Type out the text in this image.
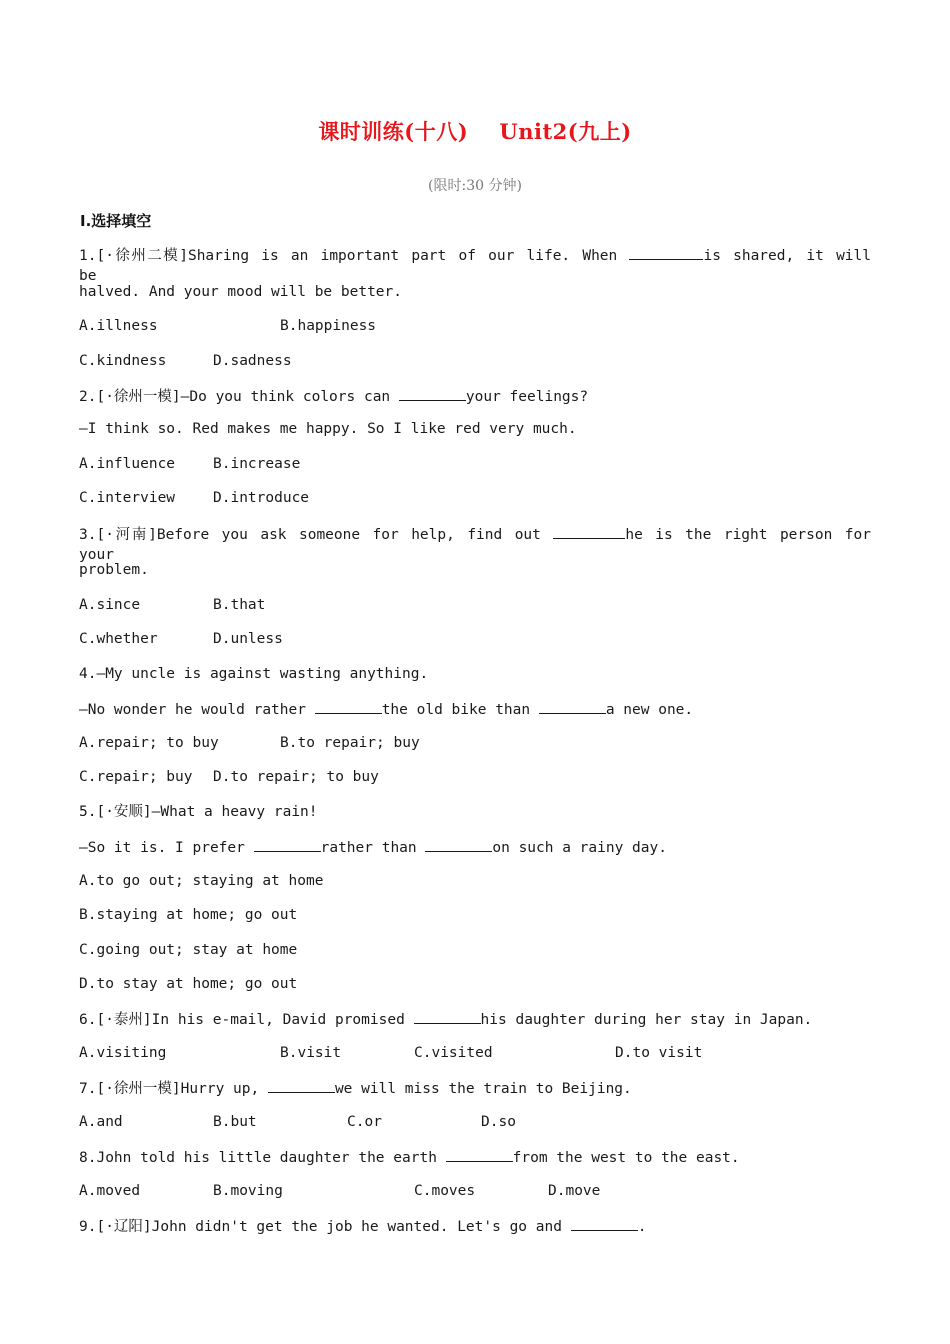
课时训练(十八)    Unit2(九上)
(限时:30 分钟)
Ⅰ.选择填空
1.[·徐州二模]Sharing is an important part of our life. When	is shared, it will be
halved. And your mood will be better.
A.illness	B.happiness
C.kindness	D.sadness
2.[·徐州一模]—Do you think colors can	your feelings?
—I think so. Red makes me happy. So I like red very much.
A.influence	B.increase
C.interview	D.introduce
3.[·河南]Before you ask someone for help, find out	he is the right person for your
problem.
A.since	B.that
C.whether	D.unless
4.—My uncle is against wasting anything.
—No wonder he would rather	the old bike than	a new one.
A.repair; to buy	B.to repair; buy
C.repair; buy D.to repair; to buy
5.[·安顺]—What a heavy rain!
—So it is. I prefer	rather than	on such a rainy day.
A.to go out; staying at home
B.staying at home; go out
C.going out; stay at home
D.to stay at home; go out
6.[·泰州]In his e-mail, David promised	his daughter during her stay in Japan.
A.visiting	B.visit	C.visited	D.to visit
7.[·徐州一模]Hurry up,	we will miss the train to Beijing.
A.and	B.but	C.or	D.so
8.John told his little daughter the earth	from the west to the east.
A.moved	B.moving	C.moves	D.move
9.[·辽阳]John didn't get the job he wanted. Let's go and	.
